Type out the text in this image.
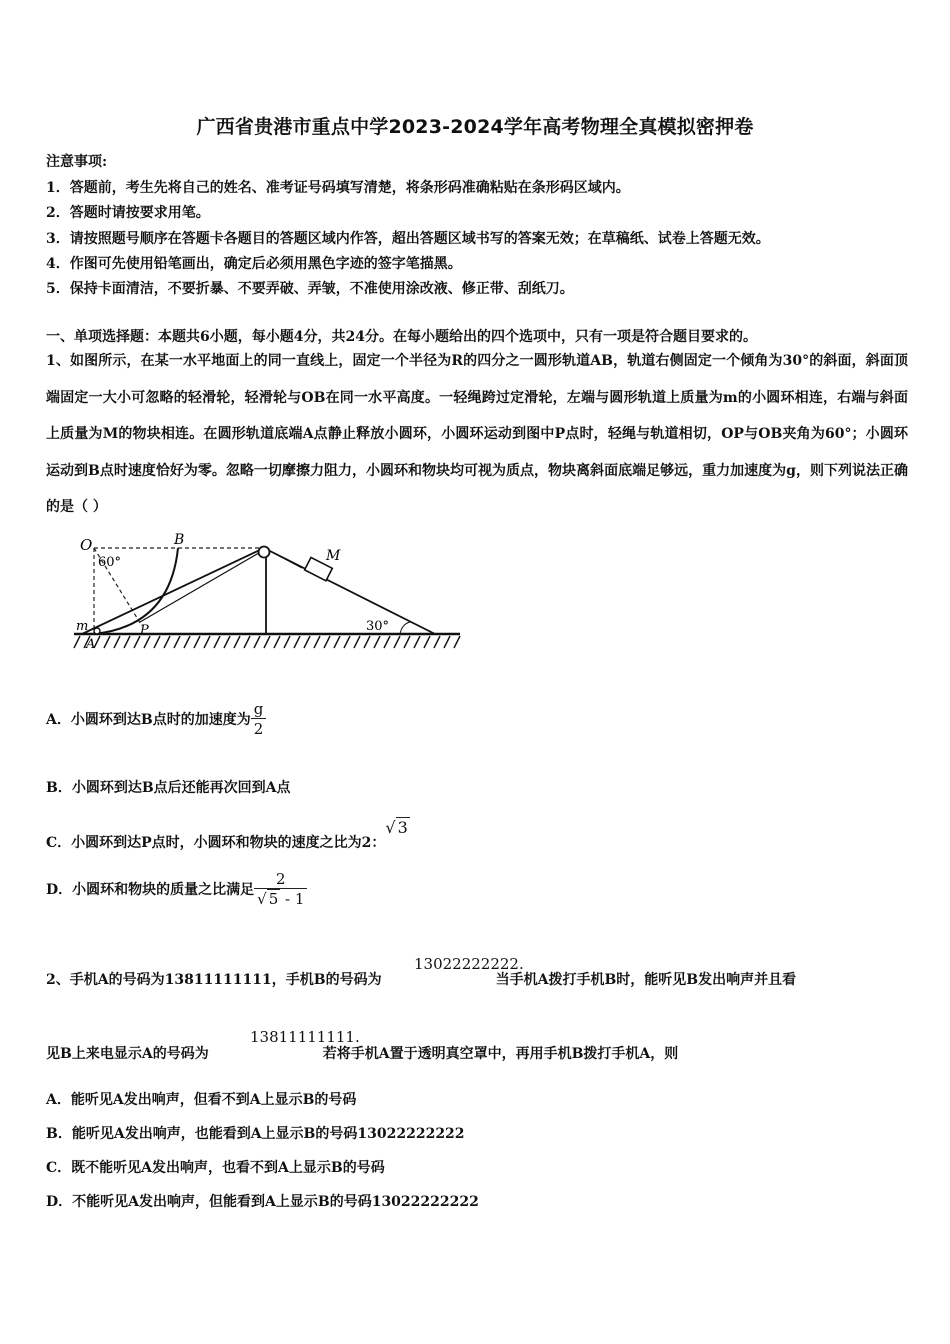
广西省贵港市重点中学2023-2024学年高考物理全真模拟密押卷
注意事项:
1．答题前，考生先将自己的姓名、准考证号码填写清楚，将条形码准确粘贴在条形码区域内。
2．答题时请按要求用笔。
3．请按照题号顺序在答题卡各题目的答题区域内作答，超出答题区域书写的答案无效；在草稿纸、试卷上答题无效。
4．作图可先使用铅笔画出，确定后必须用黑色字迹的签字笔描黑。
5．保持卡面清洁，不要折暴、不要弄破、弄皱，不准使用涂改液、修正带、刮纸刀。
一、单项选择题：本题共6小题，每小题4分，共24分。在每小题给出的四个选项中，只有一项是符合题目要求的。
1、如图所示，在某一水平地面上的同一直线上，固定一个半径为R的四分之一圆形轨道AB，轨道右侧固定一个倾角为30°的斜面，斜面顶端固定一大小可忽略的轻滑轮，轻滑轮与OB在同一水平高度。一轻绳跨过定滑轮，左端与圆形轨道上质量为m的小圆环相连，右端与斜面上质量为M的物块相连。在圆形轨道底端A点静止释放小圆环，小圆环运动到图中P点时，轻绳与轨道相切，OP与OB夹角为60°；小圆环运动到B点时速度恰好为零。忽略一切摩擦力阻力，小圆环和物块均可视为质点，物块离斜面底端足够远，重力加速度为g，则下列说法正确的是（ ）
O
60°
B
M
P
m
A
30°
A．小圆环到达B点时的加速度为 $\frac{g}{2}$
B．小圆环到达B点后还能再次回到A点
C．小圆环到达P点时，小圆环和物块的速度之比为2：√ 3
D．小圆环和物块的质量之比满足 $\frac{2}{√ 5 - 1}$
2、手机A的号码为13811111111，手机B的号码为	当手机A拨打手机B时，能听见B发出响声并且看
13022222222.
见B上来电显示A的号码为	若将手机A置于透明真空罩中，再用手机B拨打手机A，则
13811111111.
A．能听见A发出响声，但看不到A上显示B的号码
B．能听见A发出响声，也能看到A上显示B的号码13022222222
C．既不能听见A发出响声，也看不到A上显示B的号码
D．不能听见A发出响声，但能看到A上显示B的号码13022222222
